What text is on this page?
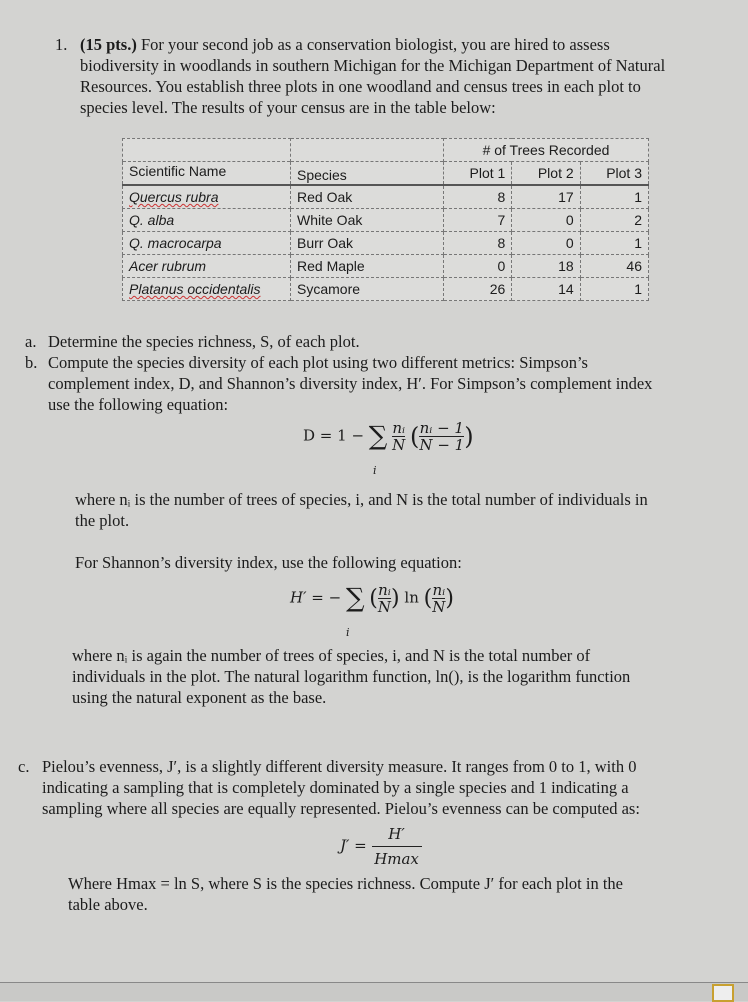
1. (15 pts.) For your second job as a conservation biologist, you are hired to assess
biodiversity in woodlands in southern Michigan for the Michigan Department of Natural
Resources. You establish three plots in one woodland and census trees in each plot to
species level. The results of your census are in the table below:
		# of Trees Recorded		
Scientific Name	Species	Plot 1	Plot 2	Plot 3
Quercus rubra	Red Oak	8	17	1
Q. alba	White Oak	7	0	2
Q. macrocarpa	Burr Oak	8	0	1
Acer rubrum	Red Maple	0	18	46
Platanus occidentalis	Sycamore	26	14	1
a. Determine the species richness, S, of each plot.
b. Compute the species diversity of each plot using two different metrics: Simpson’s
complement index, D, and Shannon’s diversity index, H′. For Simpson’s complement index
use the following equation:
D = 1 − ∑ $\frac{\text{nᵢ}}{N}$ ( $\frac{\text{nᵢ − 1}}{N - 1}$ )
i
where nᵢ is the number of trees of species, i, and N is the total number of individuals in
the plot.
For Shannon’s diversity index, use the following equation:
H′ = − ∑ ( $\frac{\text{nᵢ}}{N}$ ) ln ( $\frac{\text{nᵢ}}{N}$ )
i
where nᵢ is again the number of trees of species, i, and N is the total number of
individuals in the plot. The natural logarithm function, ln(), is the logarithm function
using the natural exponent as the base.
c. Pielou’s evenness, J′, is a slightly different diversity measure. It ranges from 0 to 1, with 0
indicating a sampling that is completely dominated by a single species and 1 indicating a
sampling where all species are equally represented. Pielou’s evenness can be computed as:
$J' = \frac{H'}{Hmax}$
Where Hmax = ln S, where S is the species richness. Compute J′ for each plot in the
table above.
